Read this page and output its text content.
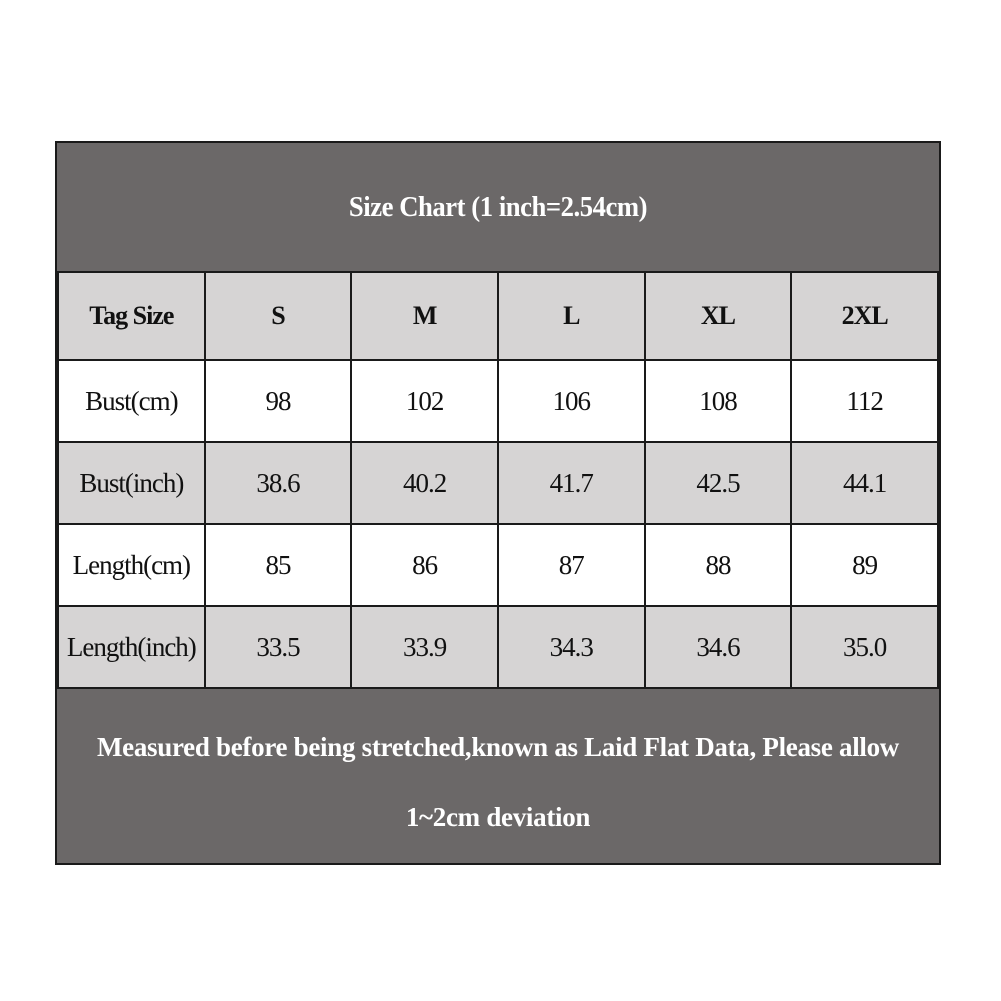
Size Chart (1 inch=2.54cm)
Tag Size	S	M	L	XL	2XL
Bust(cm)	98	102	106	108	112
Bust(inch)	38.6	40.2	41.7	42.5	44.1
Length(cm)	85	86	87	88	89
Length(inch)	33.5	33.9	34.3	34.6	35.0
Measured before being stretched,known as Laid Flat Data, Please allow
1~2cm deviation
